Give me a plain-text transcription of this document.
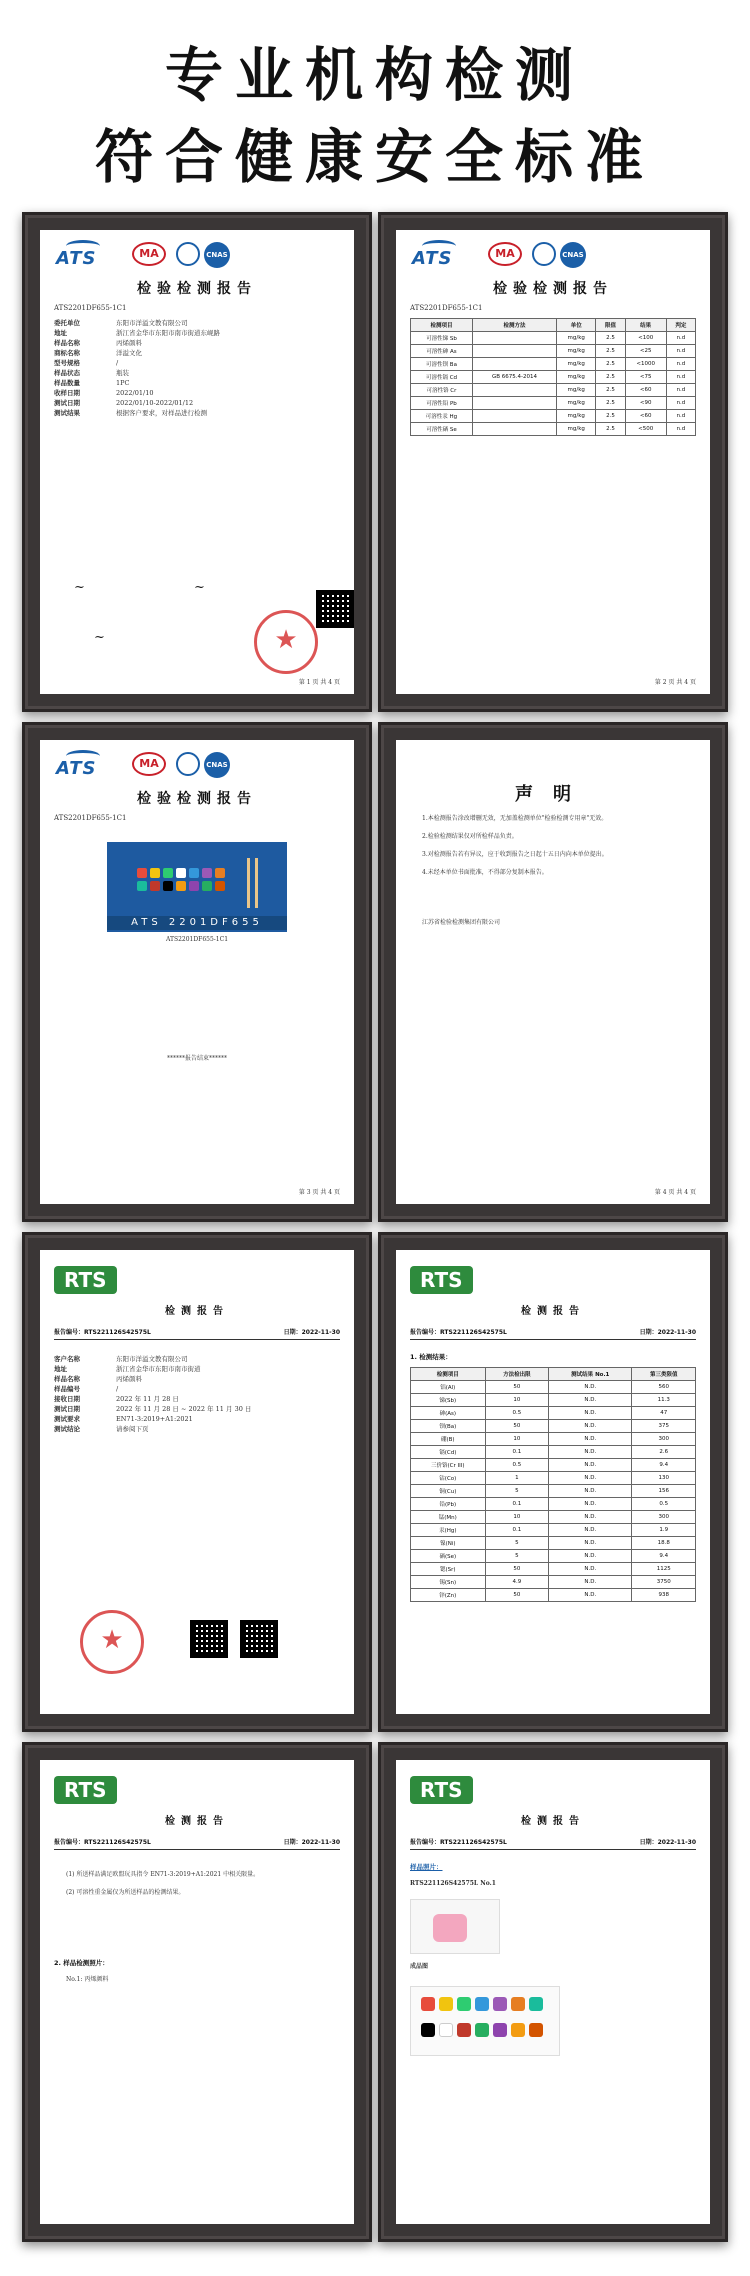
专业机构检测
符合健康安全标准
ATS	MA	CNAS
检验检测报告
ATS2201DF655-1C1
委托单位	东阳市洋溢文教有限公司
地址	浙江省金华市东阳市南市街道东岘路
样品名称	丙烯颜料
商标名称	洋溢文化
型号规格	/
样品状态	瓶装
样品数量	1PC
收样日期	2022/01/10
测试日期	2022/01/10-2022/01/12
测试结果	根据客户要求，对样品进行检测
~	~
★
~
第 1 页 共 4 页
ATS	MA	CNAS
检验检测报告
ATS2201DF655-1C1
检测项目	检测方法	单位	限值	结果	判定
可溶性锑 Sb		mg/kg	2.5	<100	n.d
可溶性砷 As		mg/kg	2.5	<25	n.d
可溶性钡 Ba		mg/kg	2.5	<1000	n.d
可溶性镉 Cd	GB 6675.4-2014	mg/kg	2.5	<75	n.d
可溶性铬 Cr		mg/kg	2.5	<60	n.d
可溶性铅 Pb		mg/kg	2.5	<90	n.d
可溶性汞 Hg		mg/kg	2.5	<60	n.d
可溶性硒 Se		mg/kg	2.5	<500	n.d
第 2 页 共 4 页
ATS	MA	CNAS
检验检测报告
ATS2201DF655-1C1
ATS 2201DF655
ATS2201DF655-1C1
******报告结束******
第 3 页 共 4 页
声明
1.本检测报告涂改增删无效，无加盖检测单位"检验检测专用章"无效。
2.检验检测结果仅对所检样品负责。
3.对检测报告若有异议，应于收到报告之日起十五日内向本单位提出。
4.未经本单位书面批准，不得部分复制本报告。
江苏省检验检测集团有限公司
第 4 页 共 4 页
RTS
检测报告
报告编号：RTS221126S42575L	日期：2022-11-30
客户名称	东阳市洋溢文教有限公司
地址	浙江省金华市东阳市南市街道
样品名称	丙烯颜料
样品编号	/
接收日期	2022 年 11 月 28 日
测试日期	2022 年 11 月 28 日 ~ 2022 年 11 月 30 日
测试要求	EN71-3:2019+A1:2021
测试结论	请参阅下页
★
RTS
检测报告
报告编号：RTS221126S42575L	日期：2022-11-30
1. 检测结果：
检测项目	方法检出限	测试结果 No.1	第三类限值
铝(Al)	50	N.D.	560
锑(Sb)	10	N.D.	11.3
砷(As)	0.5	N.D.	47
钡(Ba)	50	N.D.	375
硼(B)	10	N.D.	300
镉(Cd)	0.1	N.D.	2.6
三价铬(Cr III)	0.5	N.D.	9.4
钴(Co)	1	N.D.	130
铜(Cu)	5	N.D.	156
铅(Pb)	0.1	N.D.	0.5
锰(Mn)	10	N.D.	300
汞(Hg)	0.1	N.D.	1.9
镍(Ni)	5	N.D.	18.8
硒(Se)	5	N.D.	9.4
锶(Sr)	50	N.D.	1125
锡(Sn)	4.9	N.D.	3750
锌(Zn)	50	N.D.	938
RTS
检测报告
报告编号：RTS221126S42575L	日期：2022-11-30
(1) 所送样品满足欧盟玩具指令 EN71-3:2019+A1:2021 中相关限量。
(2) 可溶性重金属仅为所送样品的检测结果。
2. 样品检测照片：
No.1: 丙烯颜料
RTS
检测报告
报告编号：RTS221126S42575L	日期：2022-11-30
样品照片：
RTS221126S42575L No.1
成品图
